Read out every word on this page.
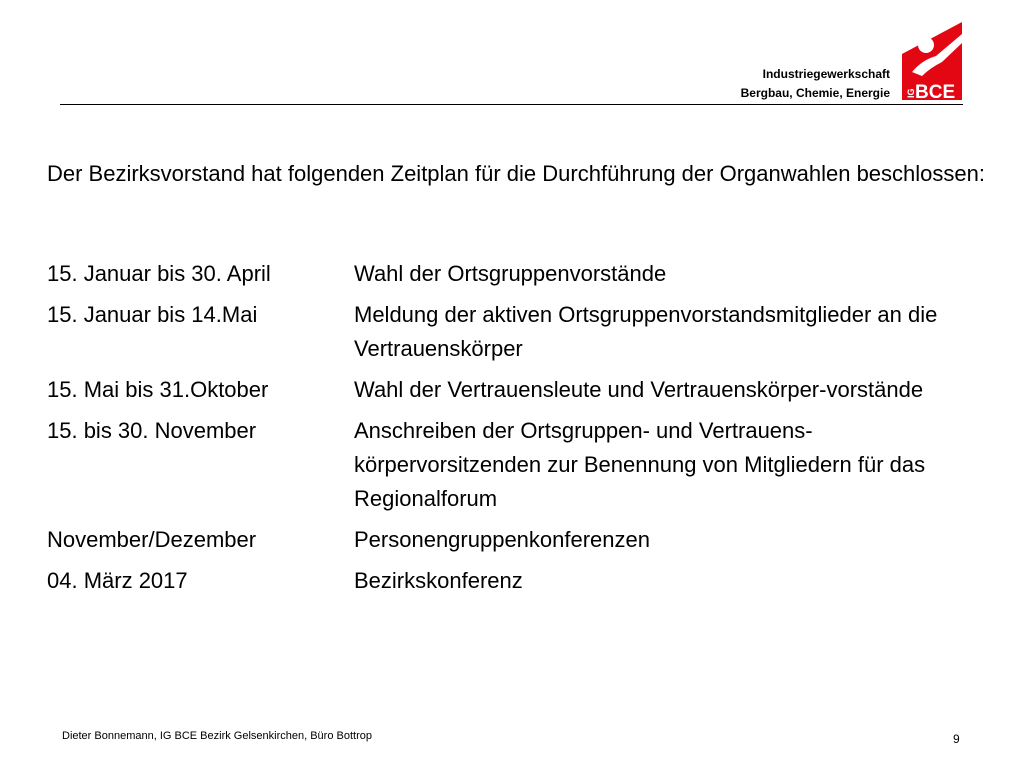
Industriegewerkschaft
Bergbau, Chemie, Energie IG BCE
Der Bezirksvorstand hat folgenden Zeitplan für die Durchführung der Organwahlen beschlossen:
15. Januar bis 30. April	Wahl der Ortsgruppenvorstände
15. Januar bis 14.Mai	Meldung der aktiven Ortsgruppenvorstandsmitglieder an die Vertrauenskörper
15. Mai bis 31.Oktober	Wahl der Vertrauensleute und Vertrauenskörper-vorstände
15. bis 30. November	Anschreiben der Ortsgruppen- und Vertrauens-körpervorsitzenden zur Benennung von Mitgliedern für das Regionalforum
November/Dezember	Personengruppenkonferenzen
04. März 2017	Bezirkskonferenz
Dieter Bonnemann, IG BCE Bezirk Gelsenkirchen, Büro Bottrop	9
